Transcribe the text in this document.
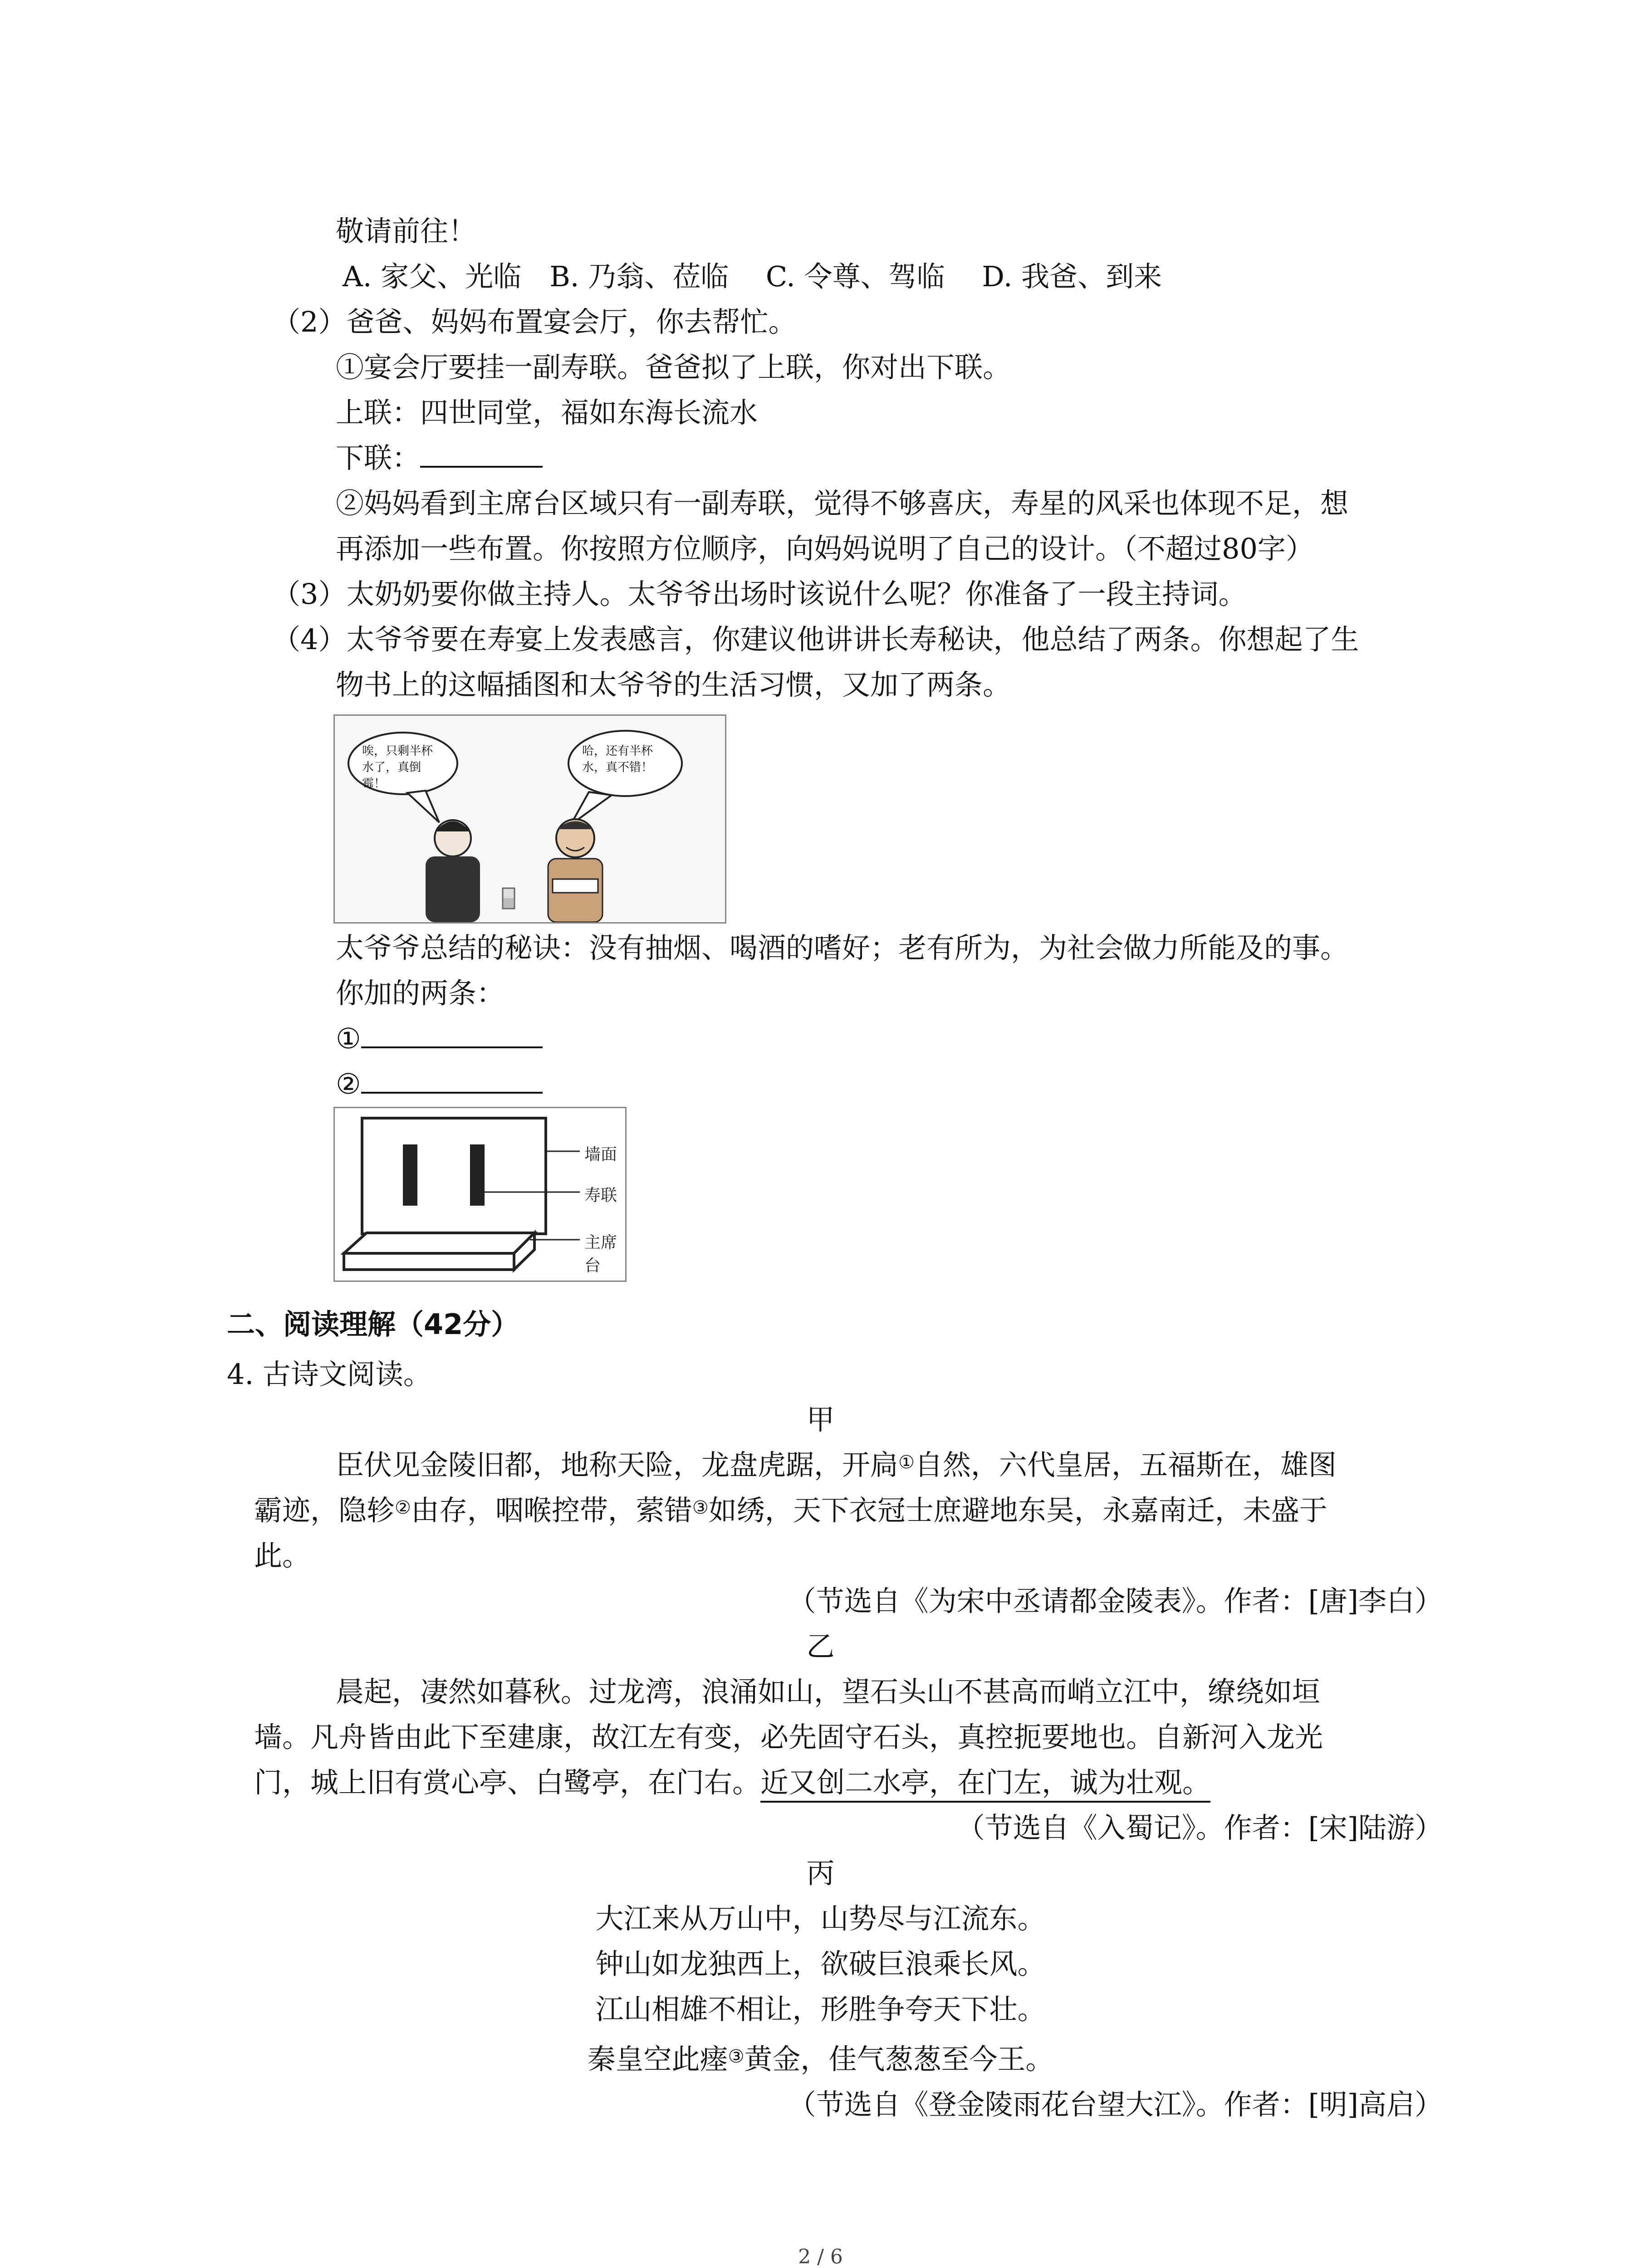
敬请前往！
A. 家父、光临　B. 乃翁、莅临　 C. 令尊、驾临　 D. 我爸、到来
（2）爸爸、妈妈布置宴会厅，你去帮忙。
①宴会厅要挂一副寿联。爸爸拟了上联，你对出下联。
上联：四世同堂，福如东海长流水
下联：
②妈妈看到主席台区域只有一副寿联，觉得不够喜庆，寿星的风采也体现不足，想
再添加一些布置。你按照方位顺序，向妈妈说明了自己的设计。（不超过80字）
（3）太奶奶要你做主持人。太爷爷出场时该说什么呢？你准备了一段主持词。
（4）太爷爷要在寿宴上发表感言，你建议他讲讲长寿秘诀，他总结了两条。你想起了生
物书上的这幅插图和太爷爷的生活习惯，又加了两条。
唉，只剩半杯水了，真倒霉！
哈，还有半杯水，真不错！
太爷爷总结的秘诀：没有抽烟、喝酒的嗜好；老有所为，为社会做力所能及的事。
你加的两条：
①
②
墙面
寿联
主席台
二、阅读理解（42分）
4. 古诗文阅读。
甲
臣伏见金陵旧都，地称天险，龙盘虎踞，开扃①自然，六代皇居，五福斯在，雄图
霸迹，隐轸②由存，咽喉控带，萦错③如绣，天下衣冠士庶避地东吴，永嘉南迁，未盛于
此。
（节选自《为宋中丞请都金陵表》。作者：[唐]李白）
乙
晨起，凄然如暮秋。过龙湾，浪涌如山，望石头山不甚高而峭立江中，缭绕如垣
墙。凡舟皆由此下至建康，故江左有变，必先固守石头，真控扼要地也。自新河入龙光
门，城上旧有赏心亭、白鹭亭，在门右。近又创二水亭，在门左，诚为壮观。
（节选自《入蜀记》。作者：[宋]陆游）
丙
大江来从万山中，山势尽与江流东。
钟山如龙独西上，欲破巨浪乘长风。
江山相雄不相让，形胜争夸天下壮。
秦皇空此瘗③黄金，佳气葱葱至今王。
（节选自《登金陵雨花台望大江》。作者：[明]高启）
2 / 6
